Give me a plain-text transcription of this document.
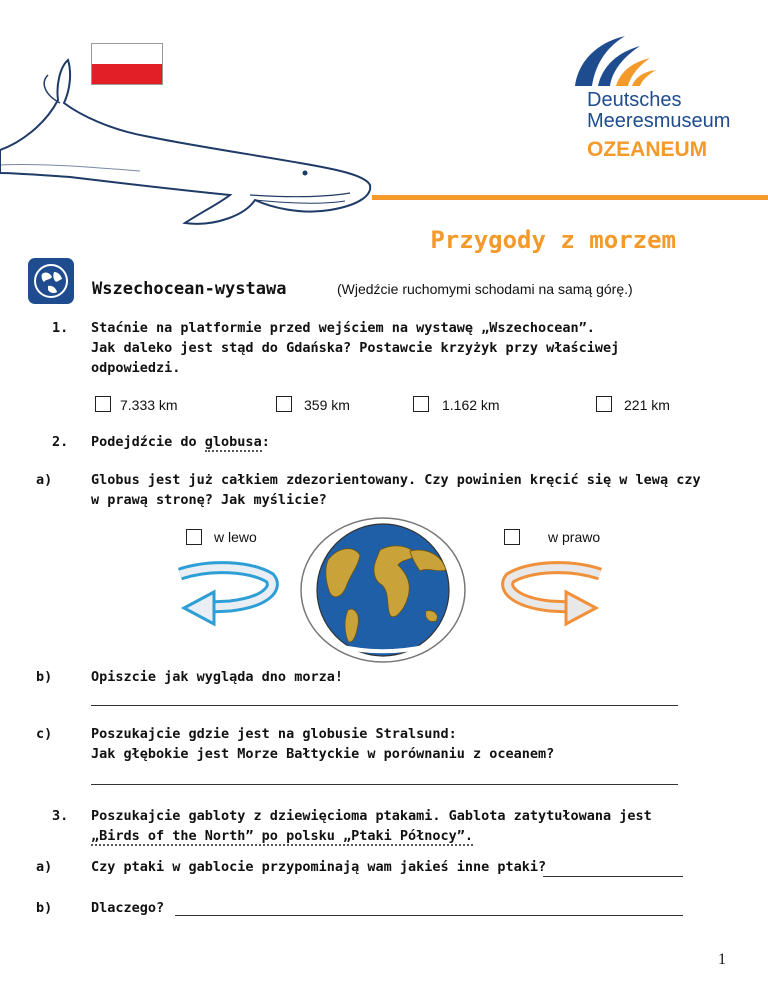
Deutsches
Meeresmuseum
OZEANEUM
Przygody z morzem
Wszechocean-wystawa	(Wjedźcie ruchomymi schodami na samą górę.)
1. Staćnie na platformie przed wejściem na wystawę „Wszechocean”.
Jak daleko jest stąd do Gdańska? Postawcie krzyżyk przy właściwej
odpowiedzi.
7.333 km	359 km	1.162 km	221 km
2. Podejdźcie do globusa:
a)	Globus jest już całkiem zdezorientowany. Czy powinien kręcić się w lewą czy
w prawą stronę? Jak myślicie?
w lewo	w prawo
b)	Opiszcie jak wygląda dno morza!
c)	Poszukajcie gdzie jest na globusie Stralsund:
Jak głębokie jest Morze Bałtyckie w porównaniu z oceanem?
3. Poszukajcie gabloty z dziewięcioma ptakami. Gablota zatytułowana jest
„Birds of the North” po polsku „Ptaki Północy”.
a)	Czy ptaki w gablocie przypominają wam jakieś inne ptaki?
b)	Dlaczego?
1
